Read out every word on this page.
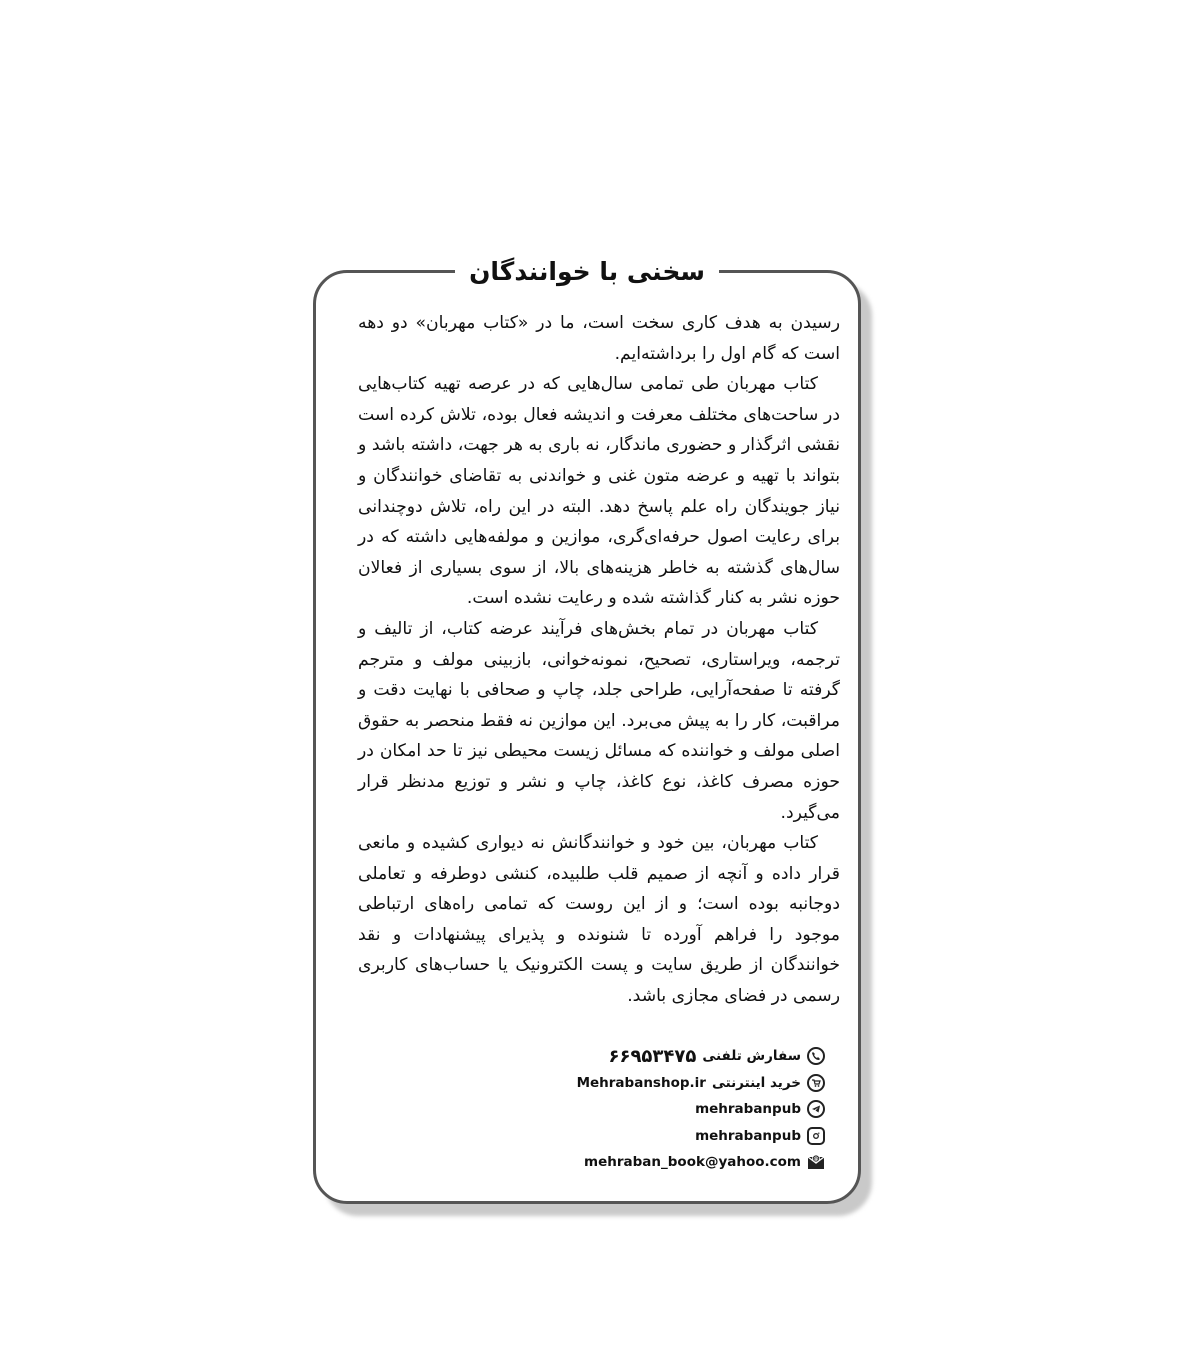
سخنی با خوانندگان

رسیدن به هدف کاری سخت است، ما در «کتاب مهربان» دو دهه است که گام اول را برداشته‌ایم.

کتاب مهربان طی تمامی سال‌هایی که در عرصه تهیه کتاب‌هایی در ساحت‌های مختلف معرفت و اندیشه فعال بوده، تلاش کرده است نقشی اثرگذار و حضوری ماندگار، نه باری به هر جهت، داشته باشد و بتواند با تهیه و عرضه متون غنی و خواندنی به تقاضای خوانندگان و نیاز جویندگان راه علم پاسخ دهد. البته در این راه، تلاش دوچندانی برای رعایت اصول حرفه‌ای‌گری، موازین و مولفه‌هایی داشته که در سال‌های گذشته به خاطر هزینه‌های بالا، از سوی بسیاری از فعالان حوزه نشر به کنار گذاشته شده و رعایت نشده است.

کتاب مهربان در تمام بخش‌های فرآیند عرضه کتاب، از تالیف و ترجمه، ویراستاری، تصحیح، نمونه‌خوانی، بازبینی مولف و مترجم گرفته تا صفحه‌آرایی، طراحی جلد، چاپ و صحافی با نهایت دقت و مراقبت، کار را به پیش می‌برد. این موازین نه فقط منحصر به حقوق اصلی مولف و خواننده که مسائل زیست محیطی نیز تا حد امکان در حوزه مصرف کاغذ، نوع کاغذ، چاپ و نشر و توزیع مدنظر قرار می‌گیرد.

کتاب مهربان، بین خود و خوانندگانش نه دیواری کشیده و مانعی قرار داده و آنچه از صمیم قلب طلبیده، کنشی دوطرفه و تعاملی دوجانبه بوده است؛ و از این روست که تمامی راه‌های ارتباطی موجود را فراهم آورده تا شنونده و پذیرای پیشنهادات و نقد خوانندگان از طریق سایت و پست الکترونیک یا حساب‌های کاربری رسمی در فضای مجازی باشد.

سفارش تلفنی
۶۶۹۵۳۴۷۵
خرید اینترنتی
Mehrabanshop.ir
mehrabanpub
mehrabanpub
@
mehraban_book@yahoo.com
